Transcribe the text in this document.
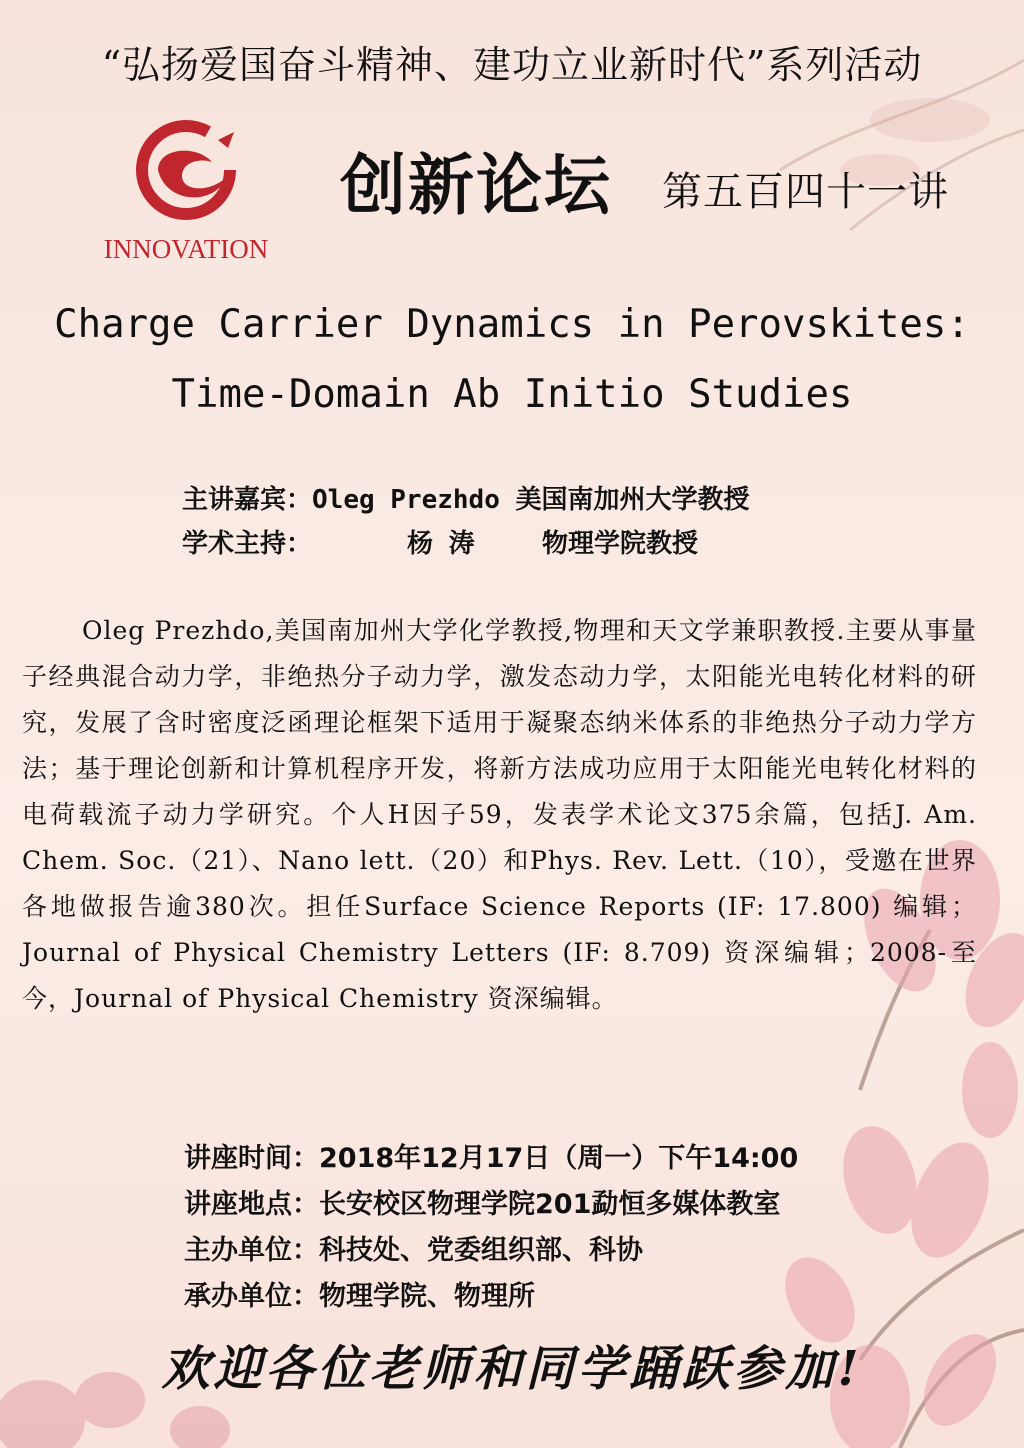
“弘扬爱国奋斗精神、建功立业新时代”系列活动
INNOVATION
创新论坛 第五百四十一讲
Charge Carrier Dynamics in Perovskites:
Time-Domain Ab Initio Studies
主讲嘉宾： Oleg Prezhdo 美国南加州大学教授
学术主持：	杨 涛	物理学院教授
Oleg Prezhdo,美国南加州大学化学教授,物理和天文学兼职教授.主要从事量子经典混合动力学，非绝热分子动力学，激发态动力学，太阳能光电转化材料的研究，发展了含时密度泛函理论框架下适用于凝聚态纳米体系的非绝热分子动力学方法；基于理论创新和计算机程序开发，将新方法成功应用于太阳能光电转化材料的电荷载流子动力学研究。个人H因子59，发表学术论文375余篇，包括J. Am. Chem. Soc.（21）、Nano lett.（20）和Phys. Rev. Lett.（10），受邀在世界各地做报告逾380次。担任Surface Science Reports (IF: 17.800) 编辑；Journal of Physical Chemistry Letters (IF: 8.709) 资深编辑；2008-至今，Journal of Physical Chemistry 资深编辑。
讲座时间：2018年12月17日（周一）下午14:00
讲座地点：长安校区物理学院201勐恒多媒体教室
主办单位：科技处、党委组织部、科协
承办单位：物理学院、物理所
欢迎各位老师和同学踊跃参加!
